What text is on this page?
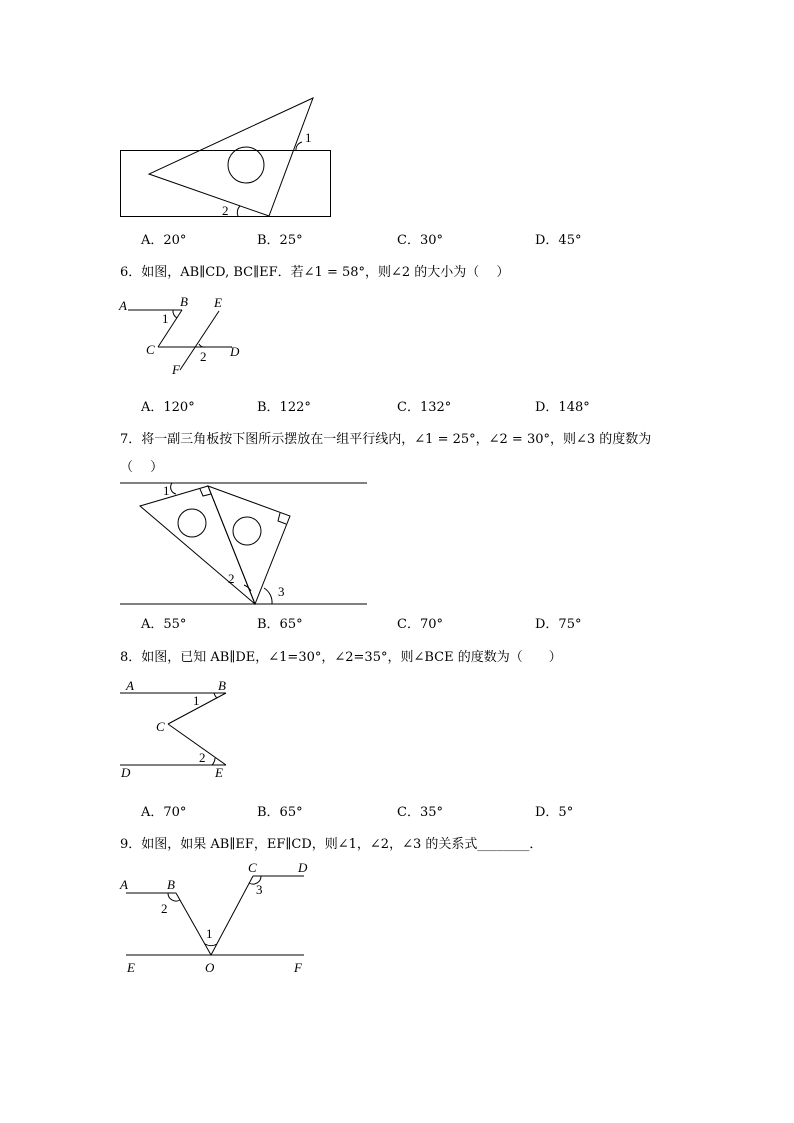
1
2
A．20°	B．25°	C．30°	D．45°
6．如图，AB∥CD, BC∥EF．若∠1 = 58°，则∠2 的大小为（　 ）
A	B
C	D
E
F
1
2
A．120°	B．122°	C．132°	D．148°
7．将一副三角板按下图所示摆放在一组平行线内，∠1 = 25°，∠2 = 30°，则∠3 的度数为
（　 ）
1
2
3
A．55°	B．65°	C．70°	D．75°
8．如图，已知 AB∥DE，∠1=30°，∠2=35°，则∠BCE 的度数为（　　）
A	B
C
D	E
1
2
A．70°	B．65°	C．35°	D．5°
9．如图，如果 AB∥EF，EF∥CD，则∠1，∠2，∠3 的关系式________．
A	B
C	D
E	O	F
1
2
3
